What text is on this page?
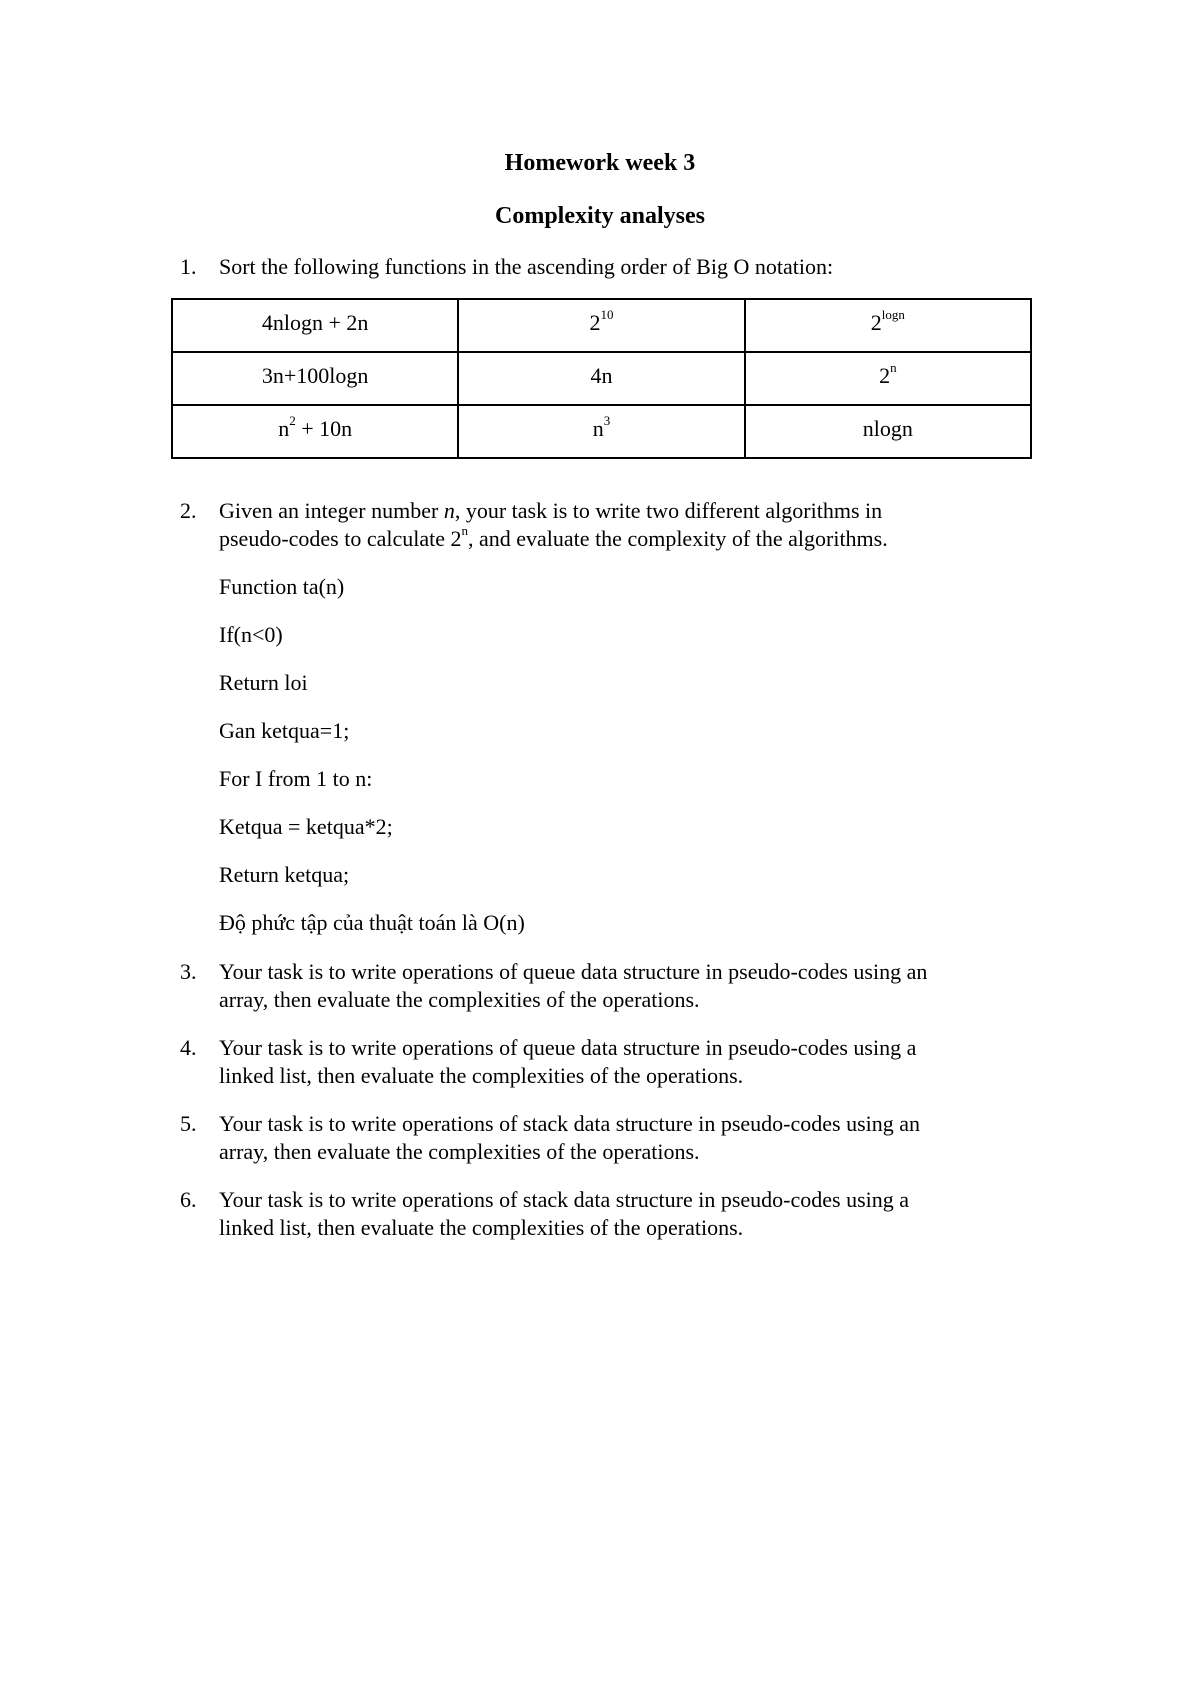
Homework week 3
Complexity analyses
1.	Sort the following functions in the ascending order of Big O notation:
4nlogn + 2n	$2^{10}$	$2^{logn}$
3n+100logn	4n	2$^n$
$n^2 + 10n$	$n^3$	nlogn
2.	Given an integer number n, your task is to write two different algorithms in
pseudo-codes to calculate 2$^n$, and evaluate the complexity of the algorithms.
Function ta(n)
If(n<0)
Return loi
Gan ketqua=1;
For I from 1 to n:
Ketqua = ketqua*2;
Return ketqua;
Độ phức tập của thuật toán là O(n)
3.	Your task is to write operations of queue data structure in pseudo-codes using an
array, then evaluate the complexities of the operations.
4.	Your task is to write operations of queue data structure in pseudo-codes using a
linked list, then evaluate the complexities of the operations.
5.	Your task is to write operations of stack data structure in pseudo-codes using an
array, then evaluate the complexities of the operations.
6.	Your task is to write operations of stack data structure in pseudo-codes using a
linked list, then evaluate the complexities of the operations.
